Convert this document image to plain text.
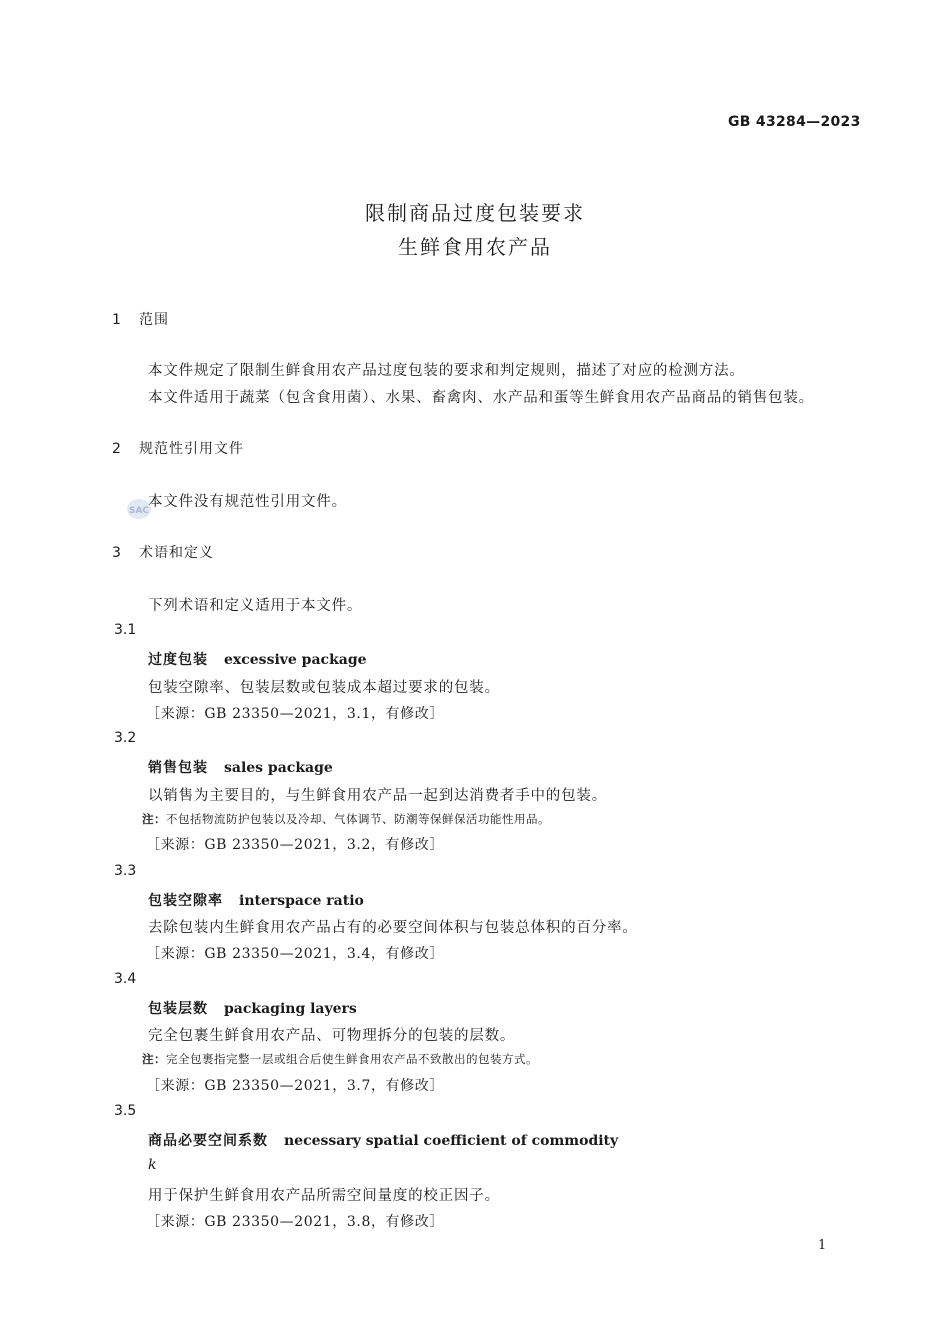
GB 43284—2023
限制商品过度包装要求
生鲜食用农产品
1 范围
本文件规定了限制生鲜食用农产品过度包装的要求和判定规则，描述了对应的检测方法。
本文件适用于蔬菜（包含食用菌）、水果、畜禽肉、水产品和蛋等生鲜食用农产品商品的销售包装。
2 规范性引用文件
SAC
本文件没有规范性引用文件。
3 术语和定义
下列术语和定义适用于本文件。
3.1
过度包装 excessive package
包装空隙率、包装层数或包装成本超过要求的包装。
［来源：GB 23350—2021，3.1，有修改］
3.2
销售包装 sales package
以销售为主要目的，与生鲜食用农产品一起到达消费者手中的包装。
注：不包括物流防护包装以及冷却、气体调节、防潮等保鲜保活功能性用品。
［来源：GB 23350—2021，3.2，有修改］
3.3
包装空隙率 interspace ratio
去除包装内生鲜食用农产品占有的必要空间体积与包装总体积的百分率。
［来源：GB 23350—2021，3.4，有修改］
3.4
包装层数 packaging layers
完全包裹生鲜食用农产品、可物理拆分的包装的层数。
注：完全包裹指完整一层或组合后使生鲜食用农产品不致散出的包装方式。
［来源：GB 23350—2021，3.7，有修改］
3.5
商品必要空间系数 necessary spatial coefficient of commodity
k
用于保护生鲜食用农产品所需空间量度的校正因子。
［来源：GB 23350—2021，3.8，有修改］
1
